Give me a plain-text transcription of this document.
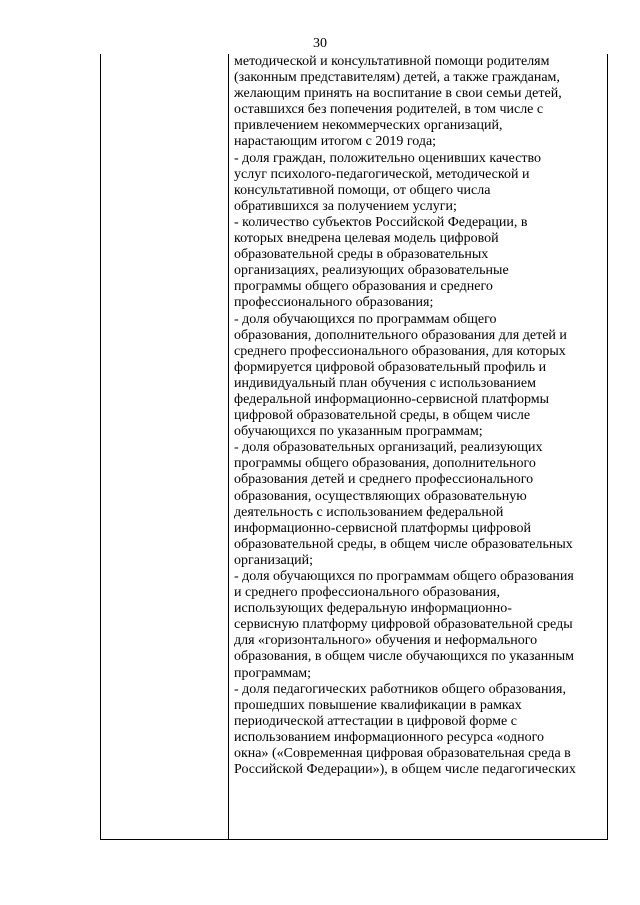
30
методической и консультативной помощи родителям
(законным представителям) детей, а также гражданам,
желающим принять на воспитание в свои семьи детей,
оставшихся без попечения родителей, в том числе с
привлечением некоммерческих организаций,
нарастающим итогом с 2019 года;
- доля граждан, положительно оценивших качество
услуг психолого-педагогической, методической и
консультативной помощи, от общего числа
обратившихся за получением услуги;
- количество субъектов Российской Федерации, в
которых внедрена целевая модель цифровой
образовательной среды в образовательных
организациях, реализующих образовательные
программы общего образования и среднего
профессионального образования;
- доля обучающихся по программам общего
образования, дополнительного образования для детей и
среднего профессионального образования, для которых
формируется цифровой образовательный профиль и
индивидуальный план обучения с использованием
федеральной информационно-сервисной платформы
цифровой образовательной среды, в общем числе
обучающихся по указанным программам;
- доля образовательных организаций, реализующих
программы общего образования, дополнительного
образования детей и среднего профессионального
образования, осуществляющих образовательную
деятельность с использованием федеральной
информационно-сервисной платформы цифровой
образовательной среды, в общем числе образовательных
организаций;
- доля обучающихся по программам общего образования
и среднего профессионального образования,
использующих федеральную информационно-
сервисную платформу цифровой образовательной среды
для «горизонтального» обучения и неформального
образования, в общем числе обучающихся по указанным
программам;
- доля педагогических работников общего образования,
прошедших повышение квалификации в рамках
периодической аттестации в цифровой форме с
использованием информационного ресурса «одного
окна» («Современная цифровая образовательная среда в
Российской Федерации»), в общем числе педагогических
